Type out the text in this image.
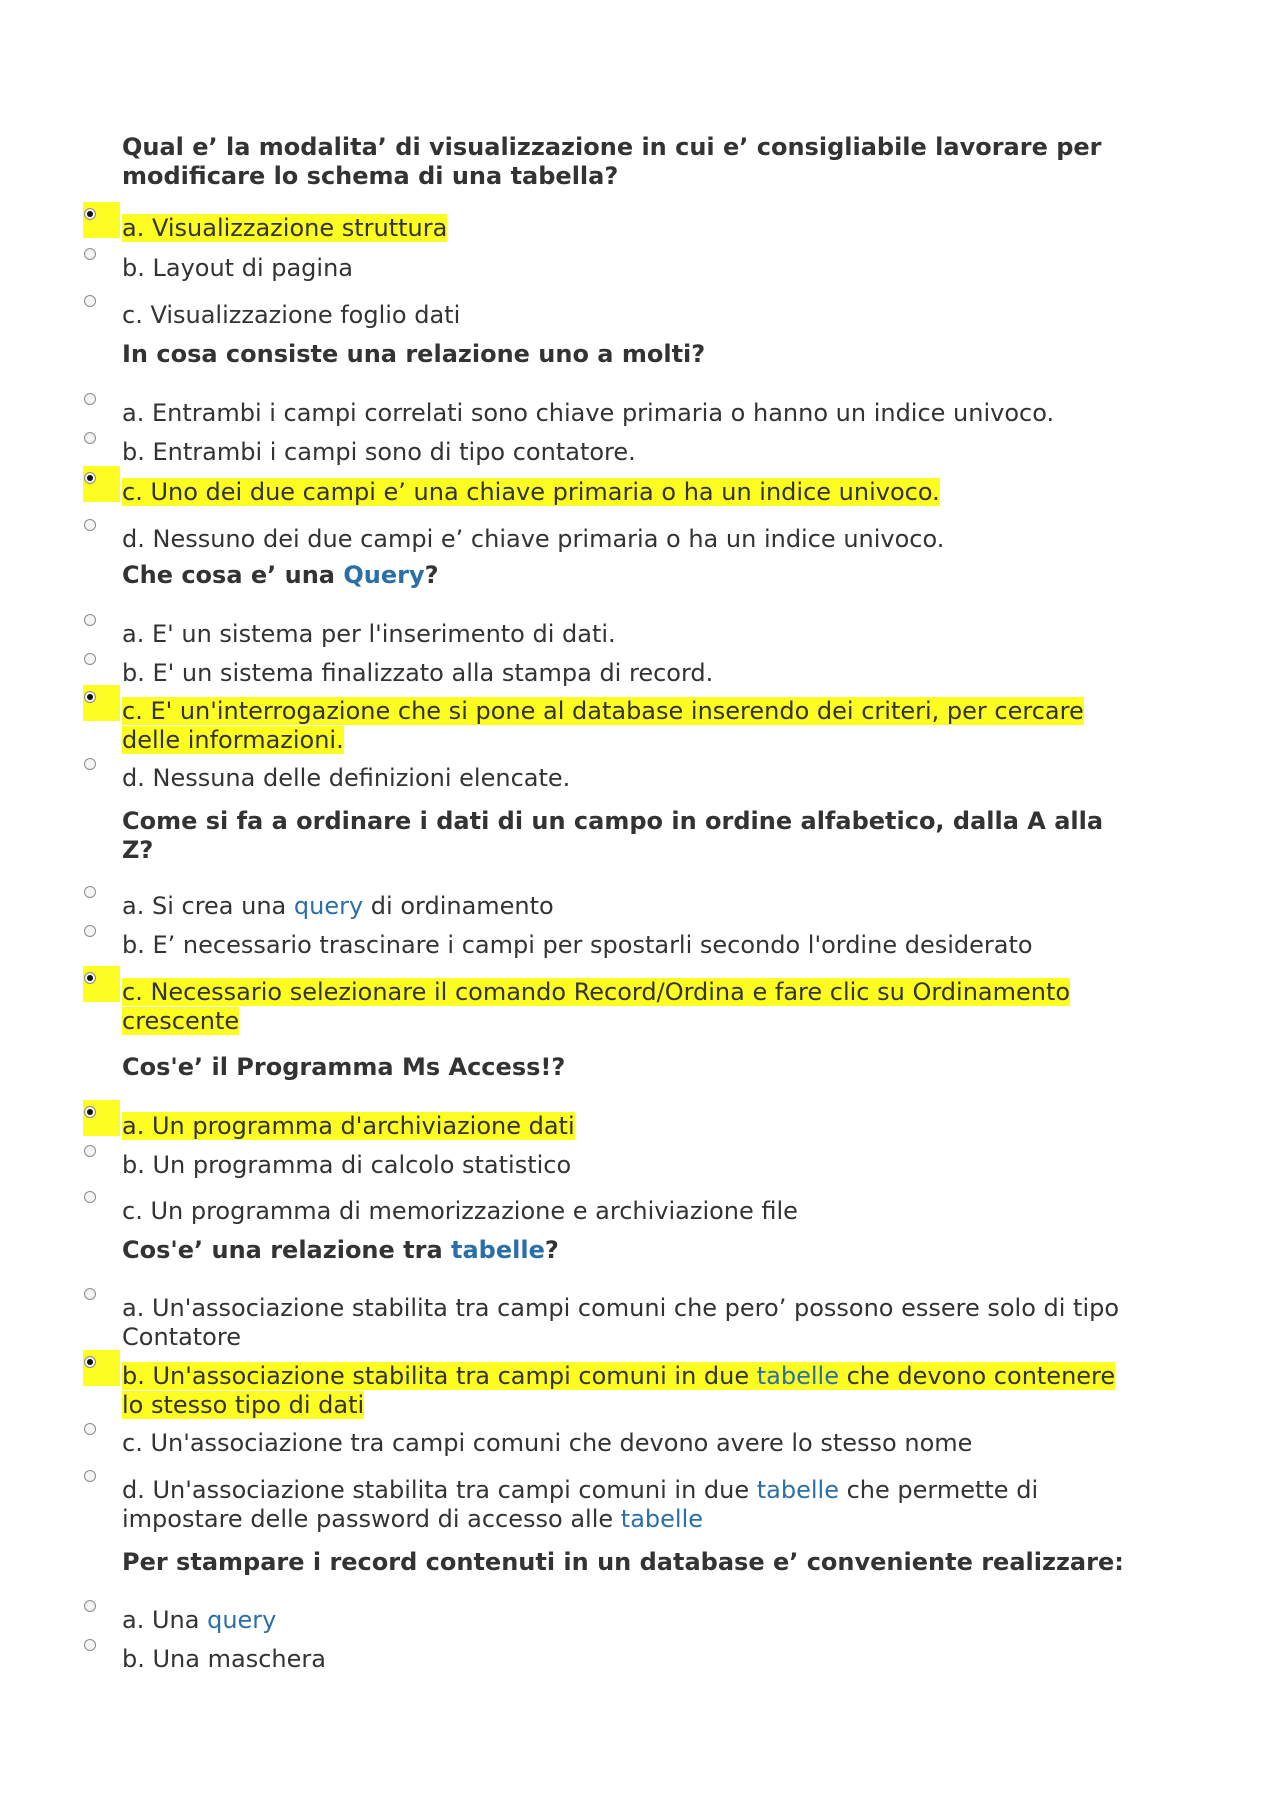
Qual e’ la modalita’ di visualizzazione in cui e’ consigliabile lavorare per
modificare lo schema di una tabella?
a. Visualizzazione struttura
b. Layout di pagina
c. Visualizzazione foglio dati
In cosa consiste una relazione uno a molti?
a. Entrambi i campi correlati sono chiave primaria o hanno un indice univoco.
b. Entrambi i campi sono di tipo contatore.
c. Uno dei due campi e’ una chiave primaria o ha un indice univoco.
d. Nessuno dei due campi e’ chiave primaria o ha un indice univoco.
Che cosa e’ una Query?
a. E' un sistema per l'inserimento di dati.
b. E' un sistema finalizzato alla stampa di record.
c. E' un'interrogazione che si pone al database inserendo dei criteri, per cercare
delle informazioni.
d. Nessuna delle definizioni elencate.
Come si fa a ordinare i dati di un campo in ordine alfabetico, dalla A alla
Z?
a. Si crea una query di ordinamento
b. E’ necessario trascinare i campi per spostarli secondo l'ordine desiderato
c. Necessario selezionare il comando Record/Ordina e fare clic su Ordinamento
crescente
Cos'e’ il Programma Ms Access!?
a. Un programma d'archiviazione dati
b. Un programma di calcolo statistico
c. Un programma di memorizzazione e archiviazione file
Cos'e’ una relazione tra tabelle?
a. Un'associazione stabilita tra campi comuni che pero’ possono essere solo di tipo
Contatore
b. Un'associazione stabilita tra campi comuni in due tabelle che devono contenere
lo stesso tipo di dati
c. Un'associazione tra campi comuni che devono avere lo stesso nome
d. Un'associazione stabilita tra campi comuni in due tabelle che permette di
impostare delle password di accesso alle tabelle
Per stampare i record contenuti in un database e’ conveniente realizzare:
a. Una query
b. Una maschera
